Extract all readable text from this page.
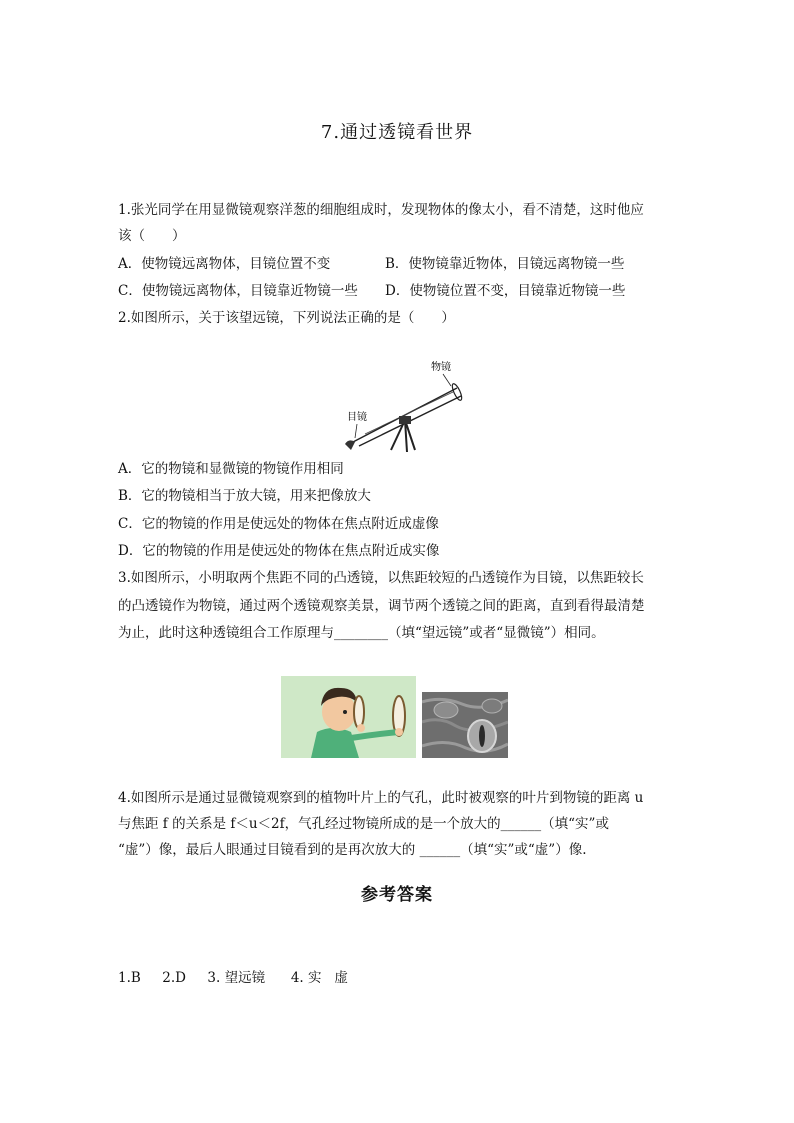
7.通过透镜看世界
1.张光同学在用显微镜观察洋葱的细胞组成时，发现物体的像太小，看不清楚，这时他应
该（　　）
A．使物镜远离物体，目镜位置不变	B．使物镜靠近物体，目镜远离物镜一些
C．使物镜远离物体，目镜靠近物镜一些 D．使物镜位置不变，目镜靠近物镜一些
2.如图所示，关于该望远镜，下列说法正确的是（　　）
物镜
目镜
A．它的物镜和显微镜的物镜作用相同
B．它的物镜相当于放大镜，用来把像放大
C．它的物镜的作用是使远处的物体在焦点附近成虚像
D．它的物镜的作用是使远处的物体在焦点附近成实像
3.如图所示，小明取两个焦距不同的凸透镜，以焦距较短的凸透镜作为目镜，以焦距较长
的凸透镜作为物镜，通过两个透镜观察美景，调节两个透镜之间的距离，直到看得最清楚
为止，此时这种透镜组合工作原理与________（填“望远镜”或者“显微镜”）相同。
4.如图所示是通过显微镜观察到的植物叶片上的气孔，此时被观察的叶片到物镜的距离 u
与焦距 f 的关系是 f＜u＜2f，气孔经过物镜所成的是一个放大的______（填“实”或
“虚”）像，最后人眼通过目镜看到的是再次放大的 ______（填“实”或“虚”）像.
参考答案
1.B     2.D     3. 望远镜      4. 实   虚
